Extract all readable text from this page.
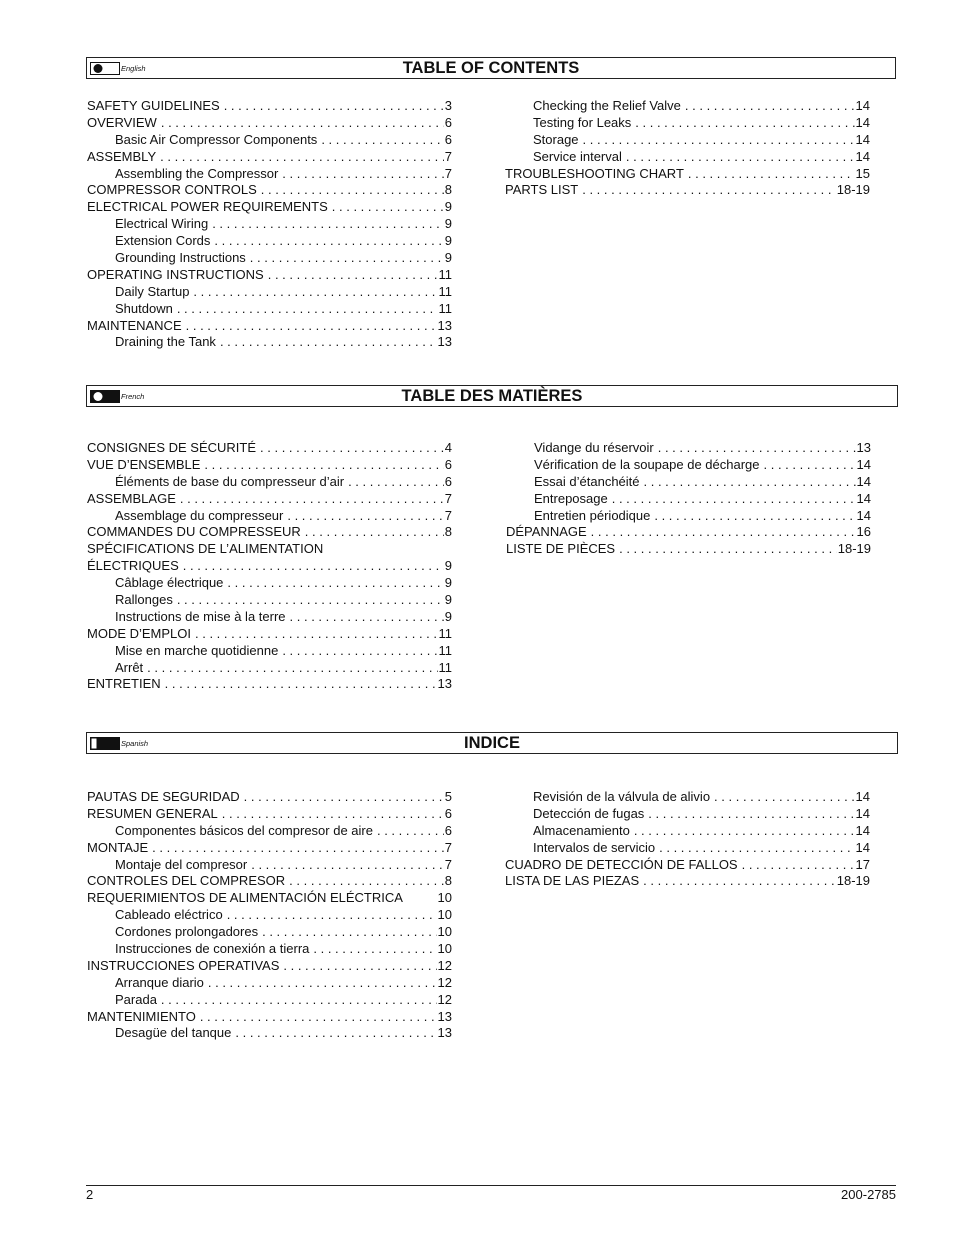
English	TABLE OF CONTENTS
SAFETY GUIDELINES . . .	3
OVERVIEW . . .	6
Basic Air Compressor Components . . .	6
ASSEMBLY . . .	7
Assembling the Compressor . . .	7
COMPRESSOR CONTROLS . . .	8
ELECTRICAL POWER REQUIREMENTS . . .	9
Electrical Wiring . . .	9
Extension Cords . . .	9
Grounding Instructions . . .	9
OPERATING INSTRUCTIONS . . .	11
Daily Startup . . .	11
Shutdown . . .	11
MAINTENANCE . . .	13
Draining the Tank . . .	13
Checking the Relief Valve . . .	14
Testing for Leaks . . .	14
Storage . . .	14
Service interval . . .	14
TROUBLESHOOTING CHART . . .	15
PARTS LIST . . .	18-19
French	TABLE DES MATIÈRES
CONSIGNES DE SÉCURITÉ . . .	4
VUE D’ENSEMBLE . . .	6
Éléments de base du compresseur d’air . . .	6
ASSEMBLAGE . . .	7
Assemblage du compresseur . . .	7
COMMANDES DU COMPRESSEUR . . .	8
SPÉCIFICATIONS DE L’ALIMENTATION
ÉLECTRIQUES . . .	9
Câblage électrique . . .	9
Rallonges . . .	9
Instructions de mise à la terre . . .	9
MODE D’EMPLOI . . .	11
Mise en marche quotidienne . . .	11
Arrêt . . .	11
ENTRETIEN . . .	13
Vidange du réservoir . . .	13
Vérification de la soupape de décharge . . .	14
Essai d’étanchéité . . .	14
Entreposage . . .	14
Entretien périodique . . .	14
DÉPANNAGE . . .	16
LISTE DE PIÈCES . . .	18-19
Spanish	INDICE
PAUTAS DE SEGURIDAD . . .	5
RESUMEN GENERAL . . .	6
Componentes básicos del compresor de aire . . .	6
MONTAJE . . .	7
Montaje del compresor . . .	7
CONTROLES DEL COMPRESOR . . .	8
REQUERIMIENTOS DE ALIMENTACIÓN ELÉCTRICA	10
Cableado eléctrico . . .	10
Cordones prolongadores . . .	10
Instrucciones de conexión a tierra . . .	10
INSTRUCCIONES OPERATIVAS . . .	12
Arranque diario . . .	12
Parada . . .	12
MANTENIMIENTO . . .	13
Desagüe del tanque . . .	13
Revisión de la válvula de alivio . . .	14
Detección de fugas . . .	14
Almacenamiento . . .	14
Intervalos de servicio . . .	14
CUADRO DE DETECCIÓN DE FALLOS . . .	17
LISTA DE LAS PIEZAS . . .	18-19
2	200-2785
